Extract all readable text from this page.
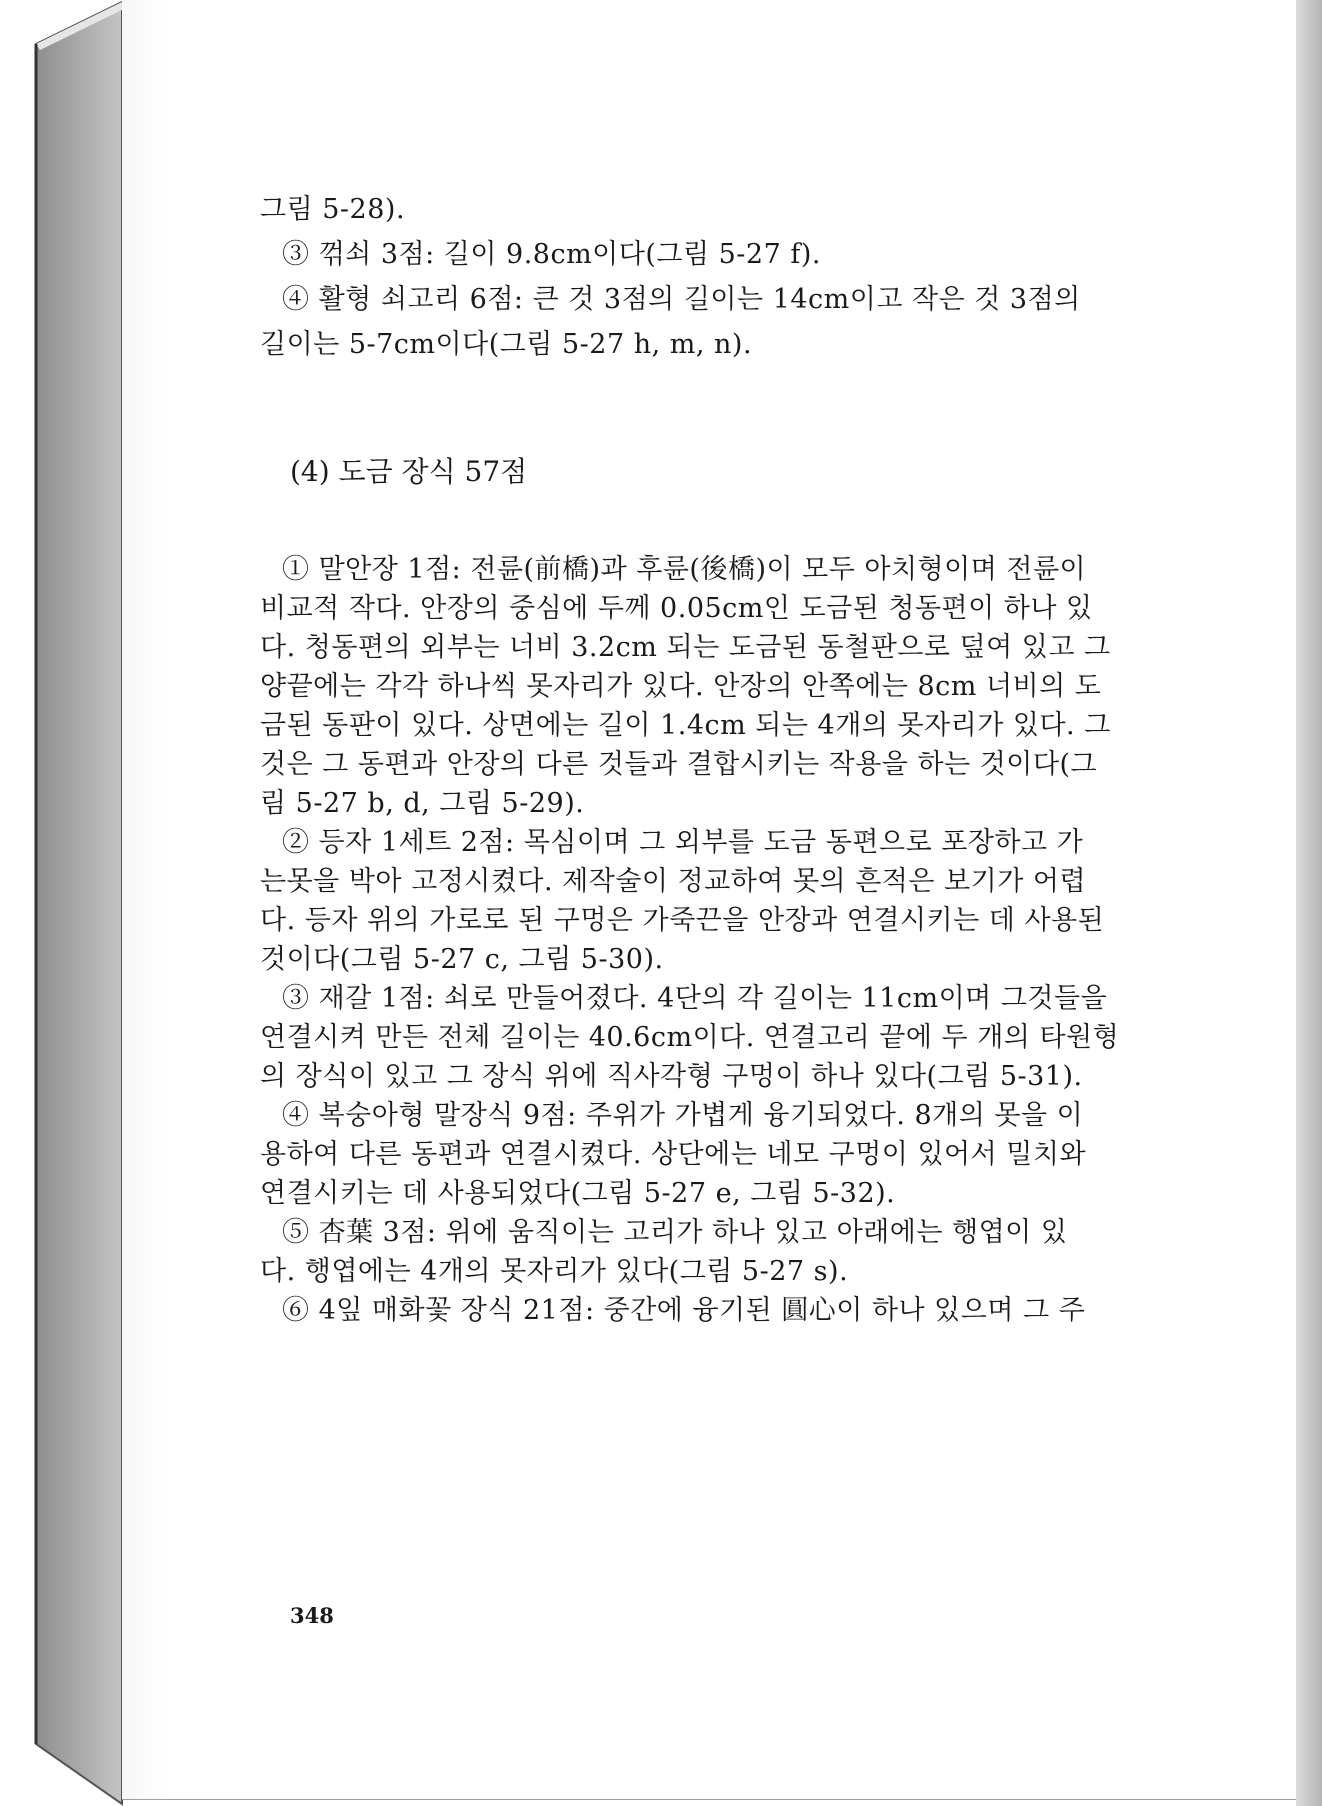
그림 5-28).

③ 꺾쇠 3점: 길이 9.8cm이다(그림 5-27 f).

④ 활형 쇠고리 6점: 큰 것 3점의 길이는 14cm이고 작은 것 3점의

길이는 5-7cm이다(그림 5-27 h, m, n).

(4) 도금 장식 57점

① 말안장 1점: 전륜(前橋)과 후륜(後橋)이 모두 아치형이며 전륜이

비교적 작다. 안장의 중심에 두께 0.05cm인 도금된 청동편이 하나 있

다. 청동편의 외부는 너비 3.2cm 되는 도금된 동철판으로 덮여 있고 그

양끝에는 각각 하나씩 못자리가 있다. 안장의 안쪽에는 8cm 너비의 도

금된 동판이 있다. 상면에는 길이 1.4cm 되는 4개의 못자리가 있다. 그

것은 그 동편과 안장의 다른 것들과 결합시키는 작용을 하는 것이다(그

림 5-27 b, d, 그림 5-29).

② 등자 1세트 2점: 목심이며 그 외부를 도금 동편으로 포장하고 가

는못을 박아 고정시켰다. 제작술이 정교하여 못의 흔적은 보기가 어렵

다. 등자 위의 가로로 된 구멍은 가죽끈을 안장과 연결시키는 데 사용된

것이다(그림 5-27 c, 그림 5-30).

③ 재갈 1점: 쇠로 만들어졌다. 4단의 각 길이는 11cm이며 그것들을

연결시켜 만든 전체 길이는 40.6cm이다. 연결고리 끝에 두 개의 타원형

의 장식이 있고 그 장식 위에 직사각형 구멍이 하나 있다(그림 5-31).

④ 복숭아형 말장식 9점: 주위가 가볍게 융기되었다. 8개의 못을 이

용하여 다른 동편과 연결시켰다. 상단에는 네모 구멍이 있어서 밀치와

연결시키는 데 사용되었다(그림 5-27 e, 그림 5-32).

⑤ 杏葉 3점: 위에 움직이는 고리가 하나 있고 아래에는 행엽이 있

다. 행엽에는 4개의 못자리가 있다(그림 5-27 s).

⑥ 4잎 매화꽃 장식 21점: 중간에 융기된 圓心이 하나 있으며 그 주

348
